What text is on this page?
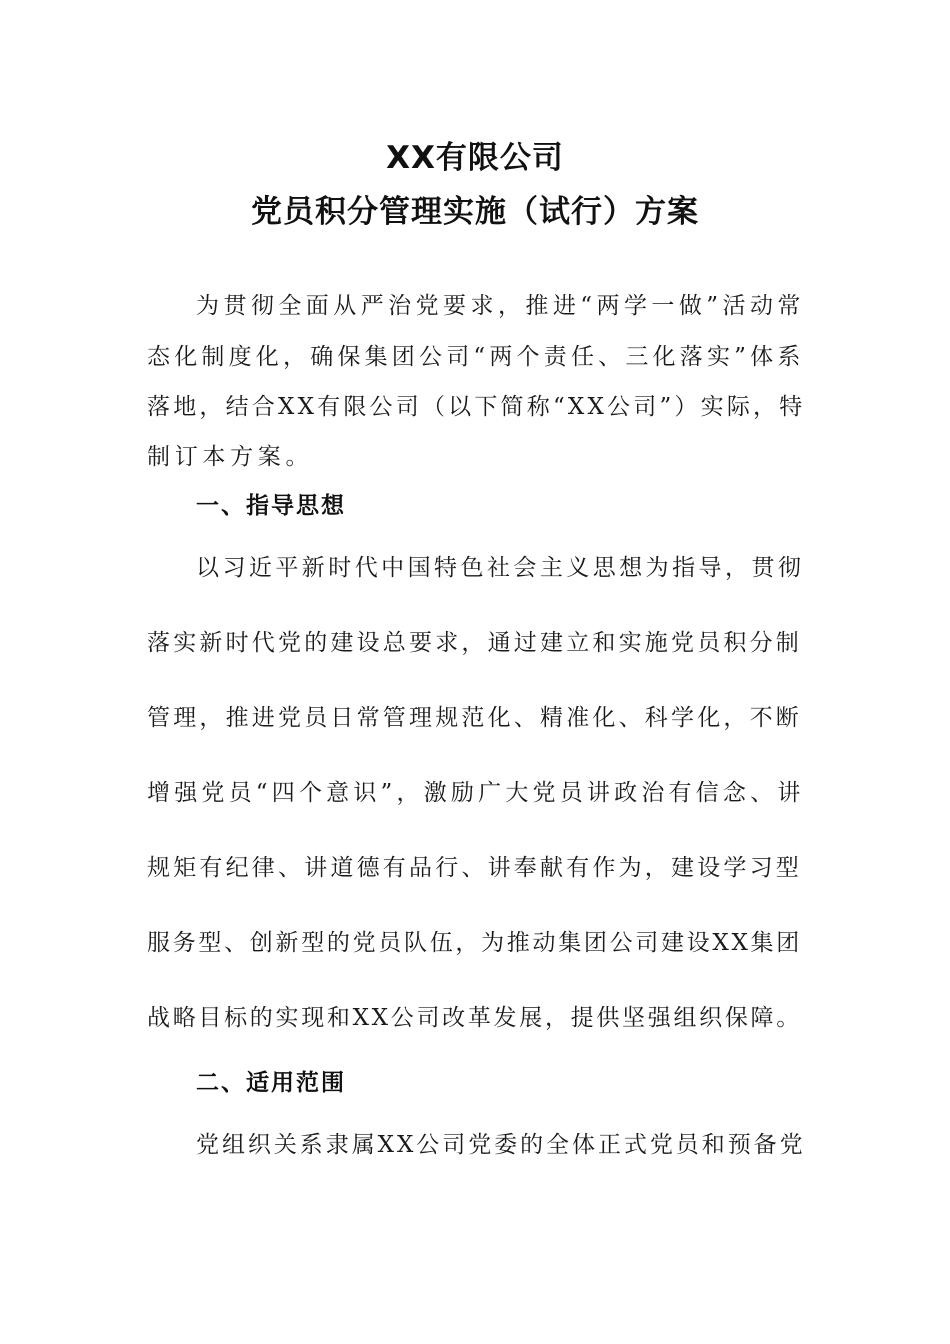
XX有限公司
党员积分管理实施（试行）方案
为贯彻全面从严治党要求，推进“两学一做”活动常
态化制度化，确保集团公司“两个责任、三化落实”体系
落地，结合XX有限公司（以下简称“XX公司”）实际，特
制订本方案。
一、指导思想
以习近平新时代中国特色社会主义思想为指导，贯彻
落实新时代党的建设总要求，通过建立和实施党员积分制
管理，推进党员日常管理规范化、精准化、科学化，不断
增强党员“四个意识”，激励广大党员讲政治有信念、讲
规矩有纪律、讲道德有品行、讲奉献有作为，建设学习型
服务型、创新型的党员队伍，为推动集团公司建设XX集团
战略目标的实现和XX公司改革发展，提供坚强组织保障。
二、适用范围
党组织关系隶属XX公司党委的全体正式党员和预备党
